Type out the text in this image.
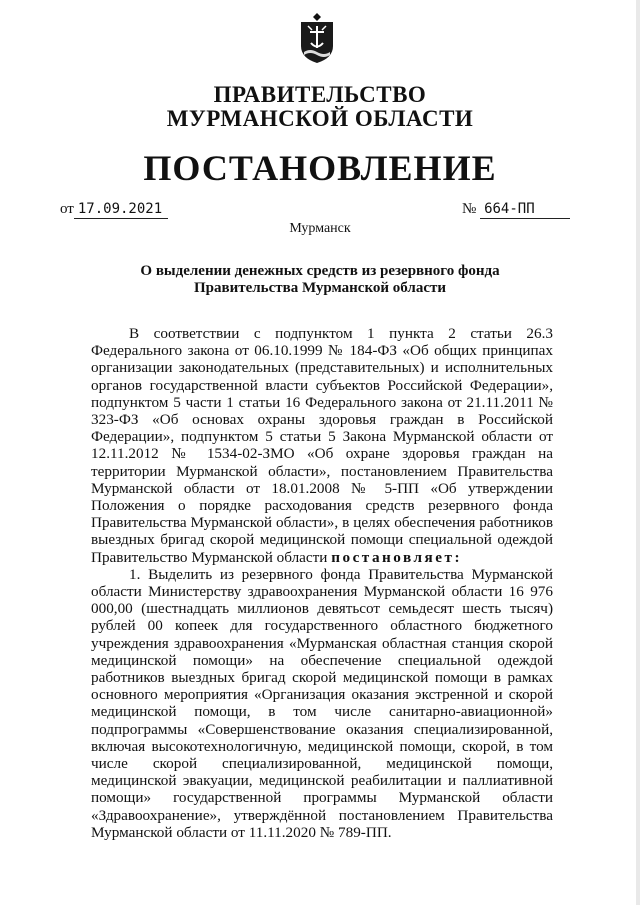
ПРАВИТЕЛЬСТВО
МУРМАНСКОЙ ОБЛАСТИ
ПОСТАНОВЛЕНИЕ
от 17.09.2021	№ 664-ПП
Мурманск
О выделении денежных средств из резервного фонда
Правительства Мурманской области

В соответствии с подпунктом 1 пункта 2 статьи 26.3 Федерального закона от 06.10.1999 № 184-ФЗ «Об общих принципах организации законодательных (представительных) и исполнительных органов государственной власти субъектов Российской Федерации», подпунктом 5 части 1 статьи 16 Федерального закона от 21.11.2011 № 323-ФЗ «Об основах охраны здоровья граждан в Российской Федерации», подпунктом 5 статьи 5 Закона Мурманской области от 12.11.2012 № 1534-02-ЗМО «Об охране здоровья граждан на территории Мурманской области», постановлением Правительства Мурманской области от 18.01.2008 № 5-ПП «Об утверждении Положения о порядке расходования средств резервного фонда Правительства Мурманской области», в целях обеспечения работников выездных бригад скорой медицинской помощи специальной одеждой Правительство Мурманской области постановляет:

1. Выделить из резервного фонда Правительства Мурманской области Министерству здравоохранения Мурманской области 16 976 000,00 (шестнадцать миллионов девятьсот семьдесят шесть тысяч) рублей 00 копеек для государственного областного бюджетного учреждения здравоохранения «Мурманская областная станция скорой медицинской помощи» на обеспечение специальной одеждой работников выездных бригад скорой медицинской помощи в рамках основного мероприятия «Организация оказания экстренной и скорой медицинской помощи, в том числе санитарно-авиационной» подпрограммы «Совершенствование оказания специализированной, включая высокотехнологичную, медицинской помощи, скорой, в том числе скорой специализированной, медицинской помощи, медицинской эвакуации, медицинской реабилитации и паллиативной помощи» государственной программы Мурманской области «Здравоохранение», утверждённой постановлением Правительства Мурманской области от 11.11.2020 № 789-ПП.
